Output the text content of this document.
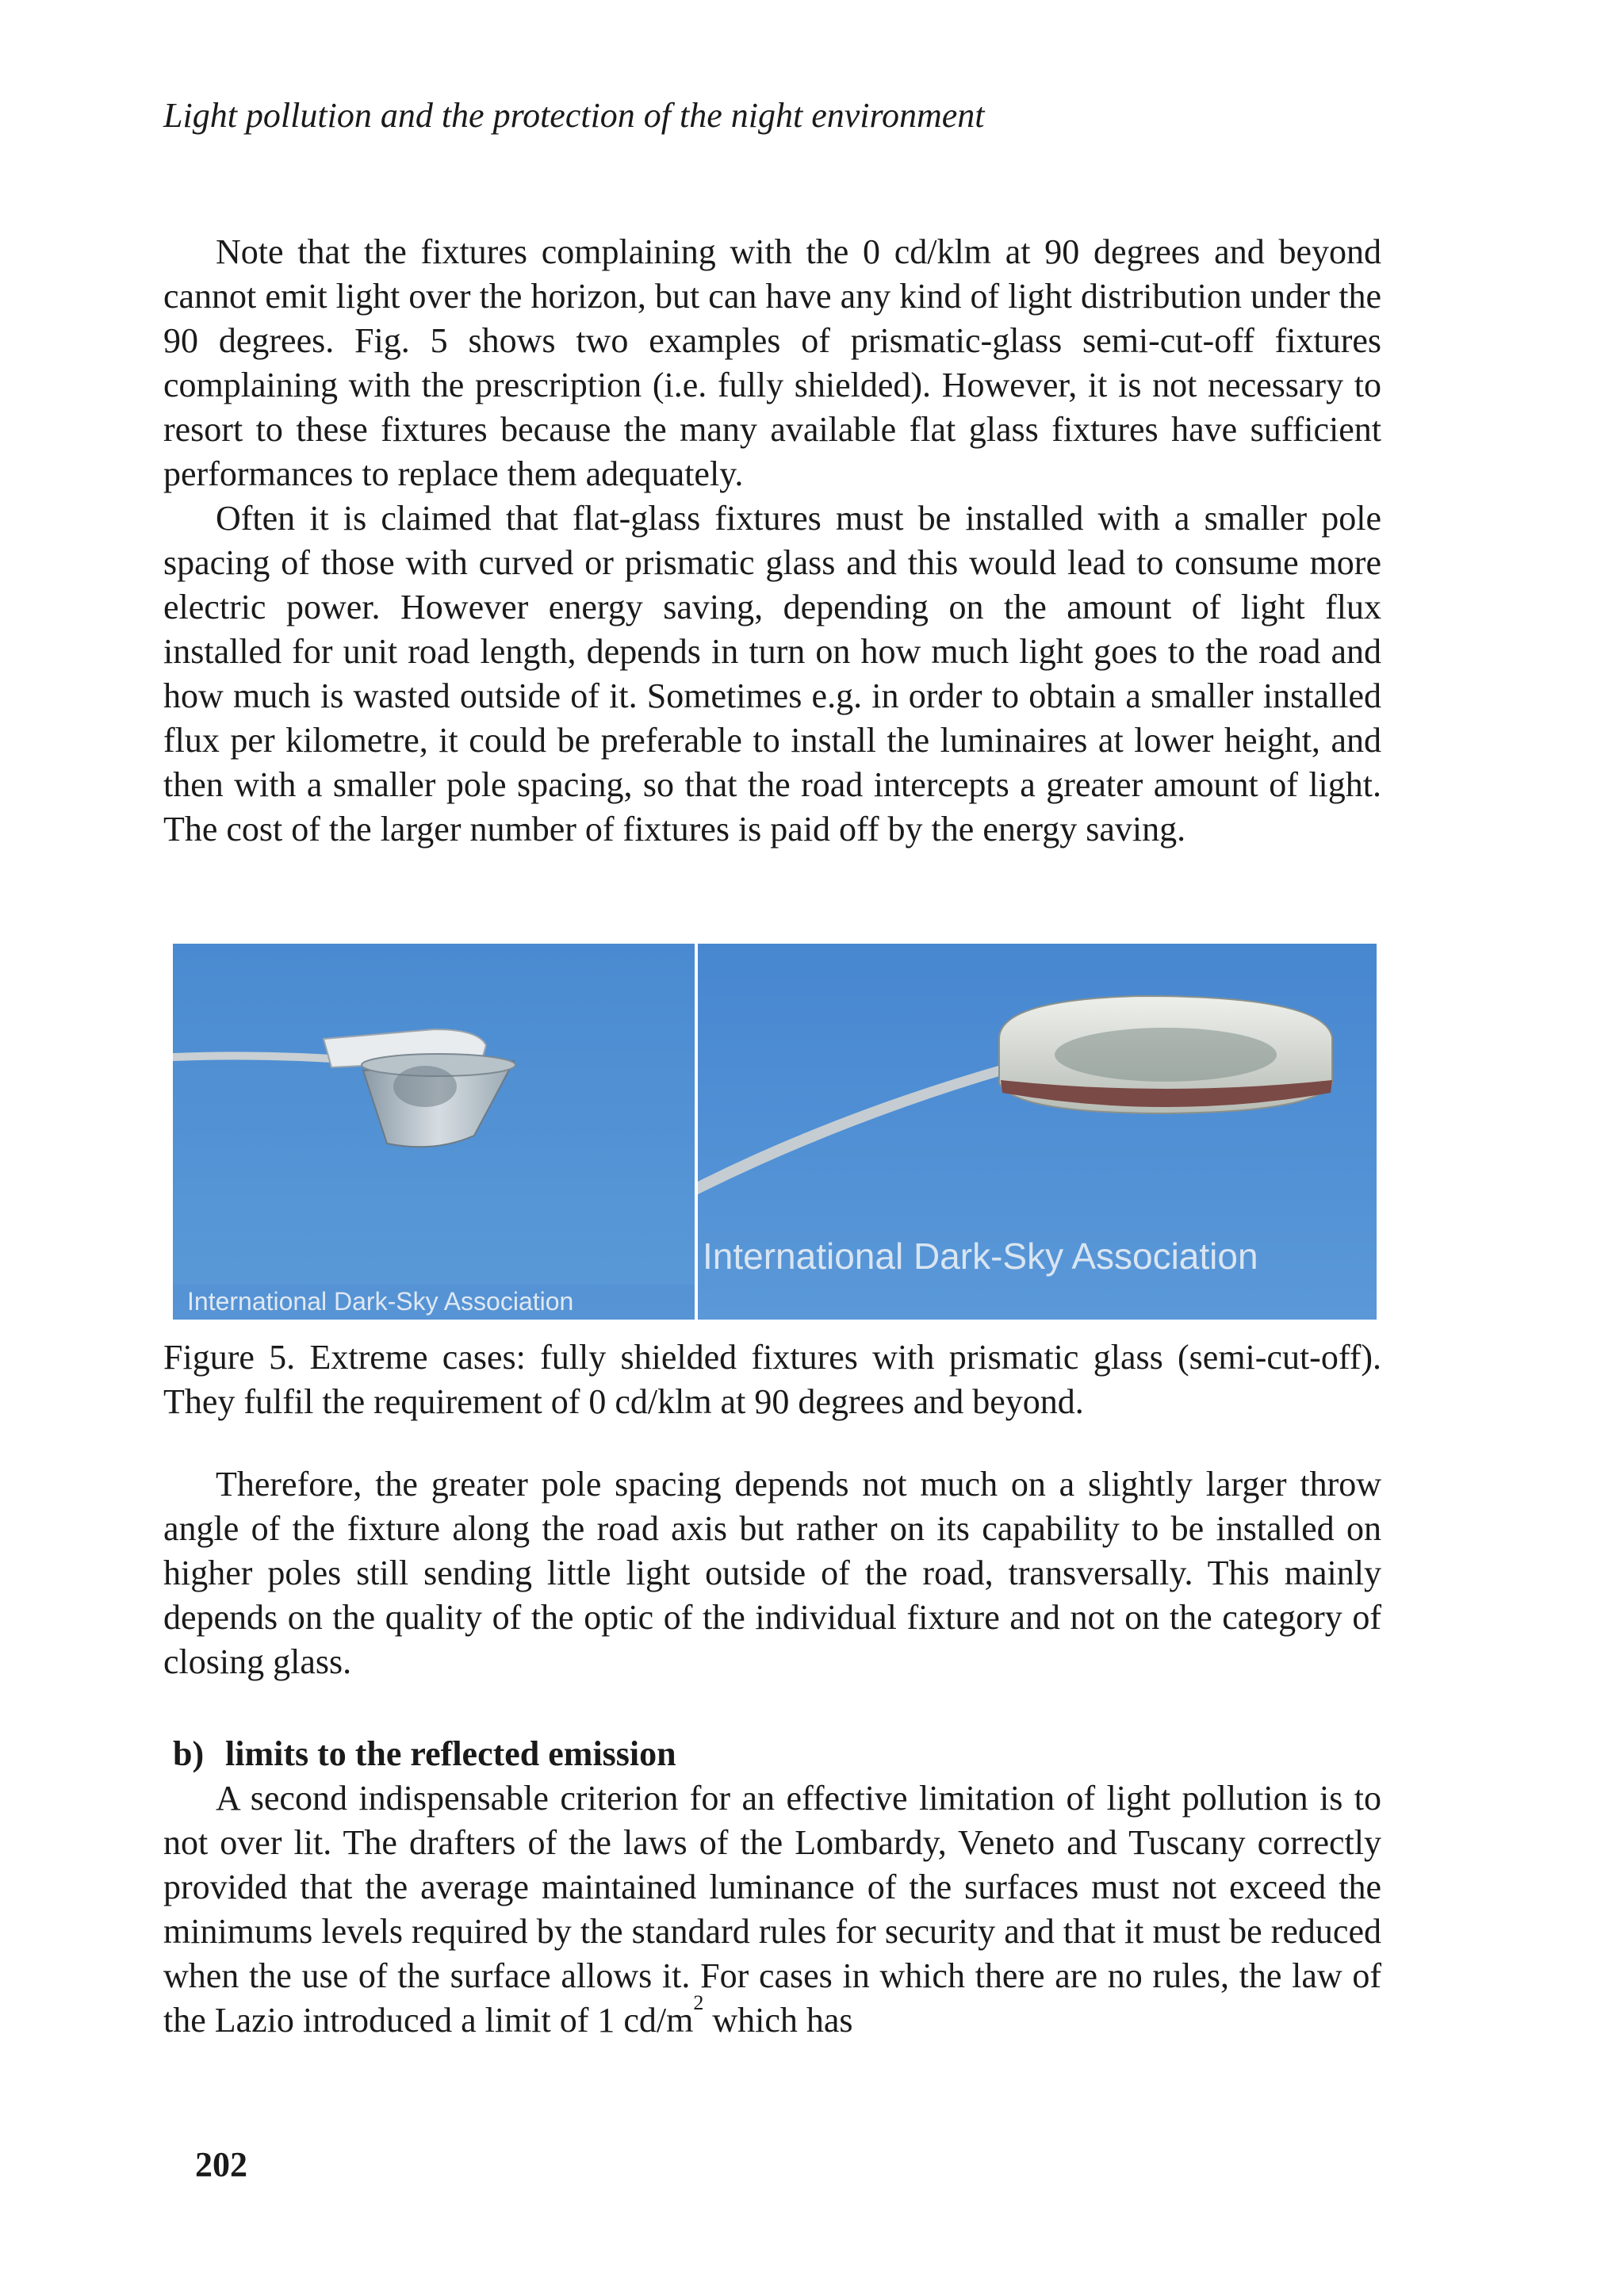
Light pollution and the protection of the night environment

Note that the fixtures complaining with the 0 cd/klm at 90 degrees and beyond cannot emit light over the horizon, but can have any kind of light distribution under the 90 degrees. Fig. 5 shows two examples of prismatic-glass semi-cut-off fixtures complaining with the prescription (i.e. fully shielded). However, it is not necessary to resort to these fixtures because the many available flat glass fixtures have sufficient performances to replace them adequately.

Often it is claimed that flat-glass fixtures must be installed with a smaller pole spacing of those with curved or prismatic glass and this would lead to consume more electric power. However energy saving, depending on the amount of light flux installed for unit road length, depends in turn on how much light goes to the road and how much is wasted outside of it. Sometimes e.g. in order to obtain a smaller installed flux per kilometre, it could be preferable to install the luminaires at lower height, and then with a smaller pole spacing, so that the road intercepts a greater amount of light. The cost of the larger number of fixtures is paid off by the energy saving.

International Dark-Sky Association
International Dark-Sky Association
Figure 5. Extreme cases: fully shielded fixtures with prismatic glass (semi-cut-off). They fulfil the requirement of 0 cd/klm at 90 degrees and beyond.

Therefore, the greater pole spacing depends not much on a slightly larger throw angle of the fixture along the road axis but rather on its capability to be installed on higher poles still sending little light outside of the road, transversally. This mainly depends on the quality of the optic of the individual fixture and not on the category of closing glass.

b) limits to the reflected emission

A second indispensable criterion for an effective limitation of light pollution is to not over lit. The drafters of the laws of the Lombardy, Veneto and Tuscany correctly provided that the average maintained luminance of the surfaces must not exceed the minimums levels required by the standard rules for security and that it must be reduced when the use of the surface allows it. For cases in which there are no rules, the law of the Lazio introduced a limit of 1 $cd/m^2$ which has

202
